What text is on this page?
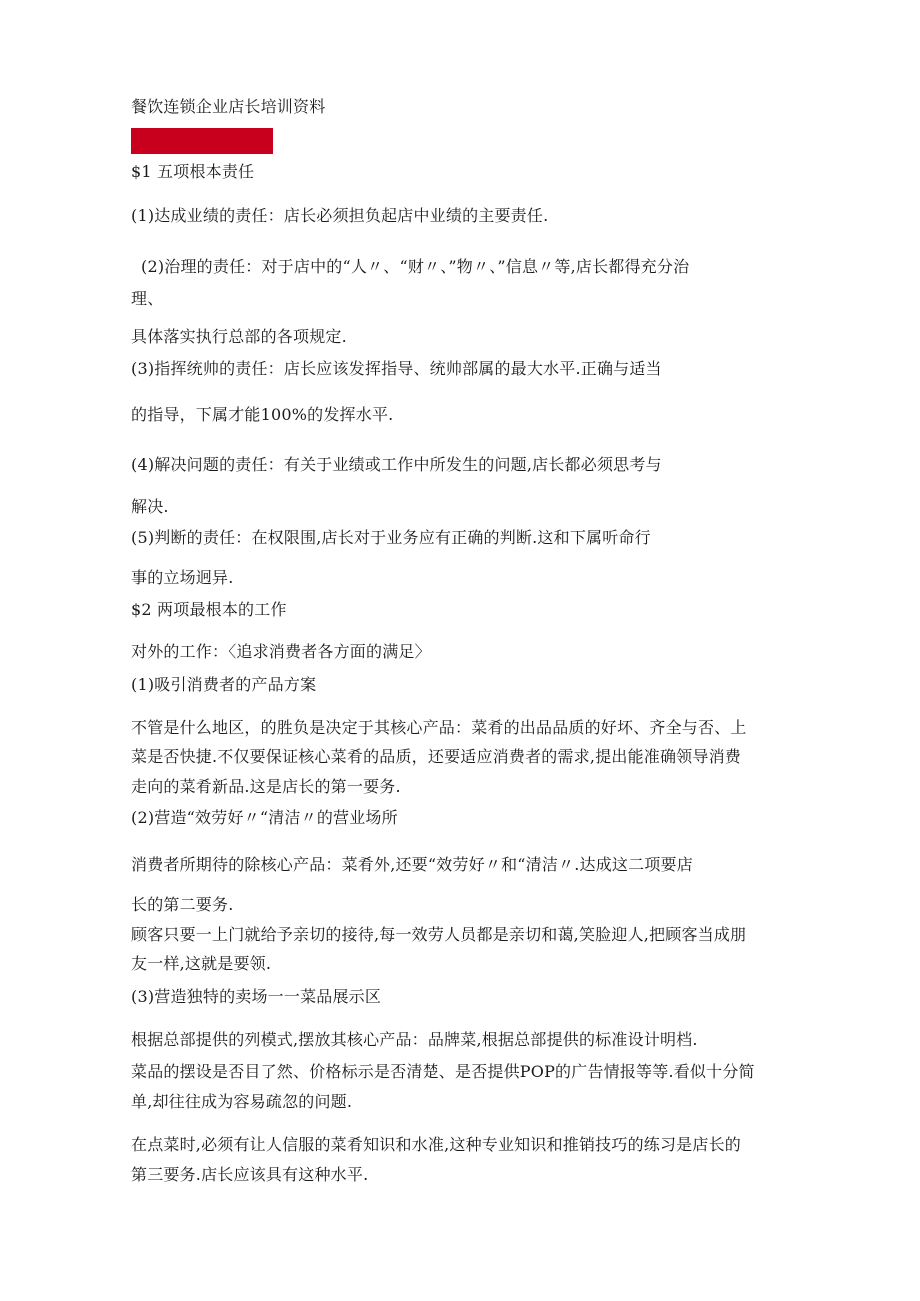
餐饮连锁企业店长培训资料
$1 五项根本责任
(1)达成业绩的责任：店长必须担负起店中业绩的主要责任.
(2)治理的责任：对于店中的“人〃、“财〃、”物〃、”信息〃等,店长都得充分治
理、
具体落实执行总部的各项规定.
(3)指挥统帅的责任：店长应该发挥指导、统帅部属的最大水平.正确与适当
的指导，下属才能100%的发挥水平.
(4)解决问题的责任：有关于业绩或工作中所发生的问题,店长都必须思考与
解决.
(5)判断的责任：在权限围,店长对于业务应有正确的判断.这和下属听命行
事的立场迥异.
$2 两项最根本的工作
对外的工作：〈追求消费者各方面的满足〉
(1)吸引消费者的产品方案
不管是什么地区，的胜负是决定于其核心产品：菜肴的出品品质的好坏、齐全与否、上
菜是否快捷.不仅要保证核心菜肴的品质，还要适应消费者的需求,提出能准确领导消费
走向的菜肴新品.这是店长的第一要务.
(2)营造“效劳好〃“清洁〃的营业场所
消费者所期待的除核心产品：菜肴外,还要“效劳好〃和“清洁〃.达成这二项要店
长的第二要务.
顾客只要一上门就给予亲切的接待,每一效劳人员都是亲切和蔼,笑脸迎人,把顾客当成朋
友一样,这就是要领.
(3)营造独特的卖场一一菜品展示区
根据总部提供的列模式,摆放其核心产品：品牌菜,根据总部提供的标准设计明档.
菜品的摆设是否目了然、价格标示是否清楚、是否提供POP的广告情报等等.看似十分简
单,却往往成为容易疏忽的问题.
在点菜时,必须有让人信服的菜肴知识和水准,这种专业知识和推销技巧的练习是店长的
第三要务.店长应该具有这种水平.
